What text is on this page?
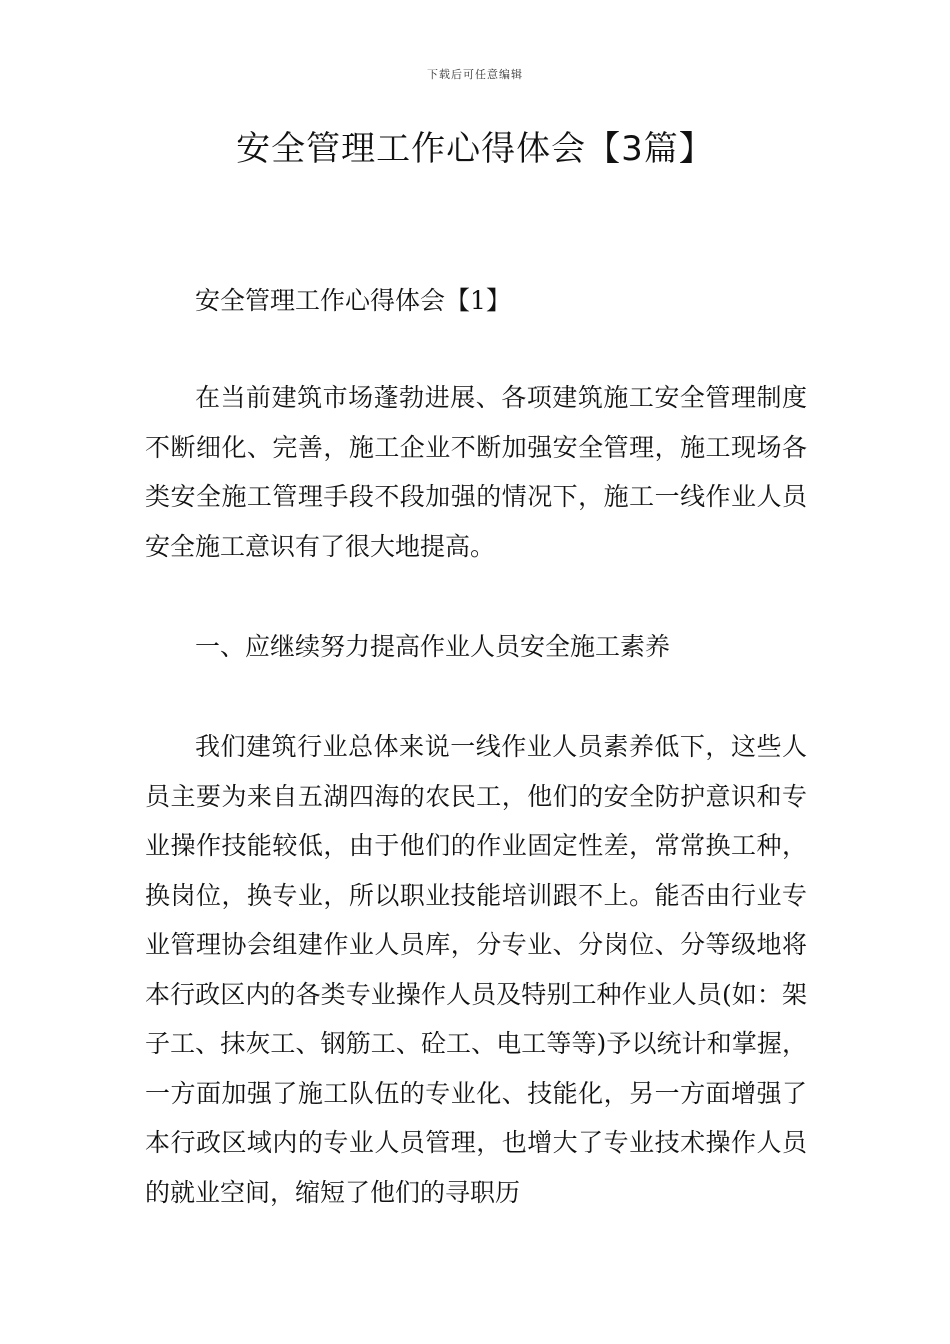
下载后可任意编辑
安全管理工作心得体会【3篇】

安全管理工作心得体会【1】

在当前建筑市场蓬勃进展、各项建筑施工安全管理制度不断细化、完善，施工企业不断加强安全管理，施工现场各类安全施工管理手段不段加强的情况下，施工一线作业人员安全施工意识有了很大地提高。

一、应继续努力提高作业人员安全施工素养

我们建筑行业总体来说一线作业人员素养低下，这些人员主要为来自五湖四海的农民工，他们的安全防护意识和专业操作技能较低，由于他们的作业固定性差，常常换工种，换岗位，换专业，所以职业技能培训跟不上。能否由行业专业管理协会组建作业人员库，分专业、分岗位、分等级地将本行政区内的各类专业操作人员及特别工种作业人员(如：架子工、抹灰工、钢筋工、砼工、电工等等)予以统计和掌握，一方面加强了施工队伍的专业化、技能化，另一方面增强了本行政区域内的专业人员管理，也增大了专业技术操作人员的就业空间，缩短了他们的寻职历
